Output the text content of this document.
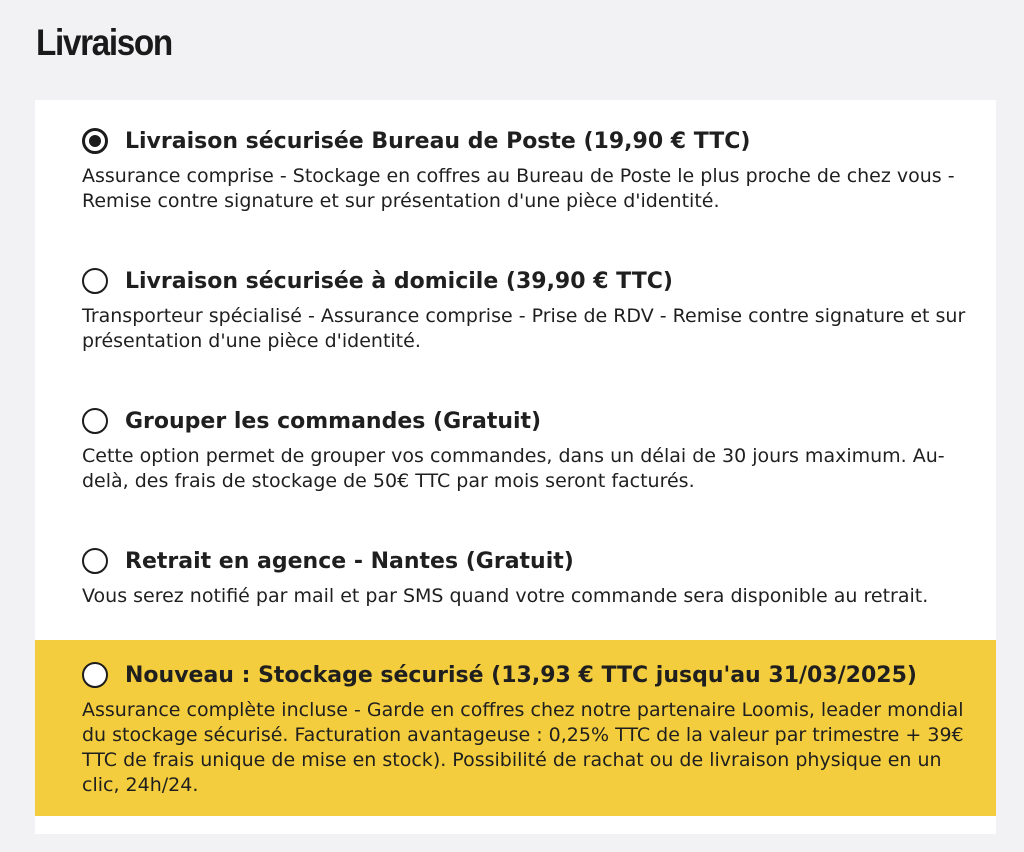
Livraison
Livraison sécurisée Bureau de Poste (19,90 € TTC)

Assurance comprise - Stockage en coffres au Bureau de Poste le plus proche de chez vous - Remise contre signature et sur présentation d'une pièce d'identité.

Livraison sécurisée à domicile (39,90 € TTC)

Transporteur spécialisé - Assurance comprise - Prise de RDV - Remise contre signature et sur présentation d'une pièce d'identité.

Grouper les commandes (Gratuit)

Cette option permet de grouper vos commandes, dans un délai de 30 jours maximum. Au-delà, des frais de stockage de 50€ TTC par mois seront facturés.

Retrait en agence - Nantes (Gratuit)

Vous serez notifié par mail et par SMS quand votre commande sera disponible au retrait.

Nouveau : Stockage sécurisé (13,93 € TTC jusqu'au 31/03/2025)

Assurance complète incluse - Garde en coffres chez notre partenaire Loomis, leader mondial du stockage sécurisé. Facturation avantageuse : 0,25% TTC de la valeur par trimestre + 39€ TTC de frais unique de mise en stock). Possibilité de rachat ou de livraison physique en un clic, 24h/24.
